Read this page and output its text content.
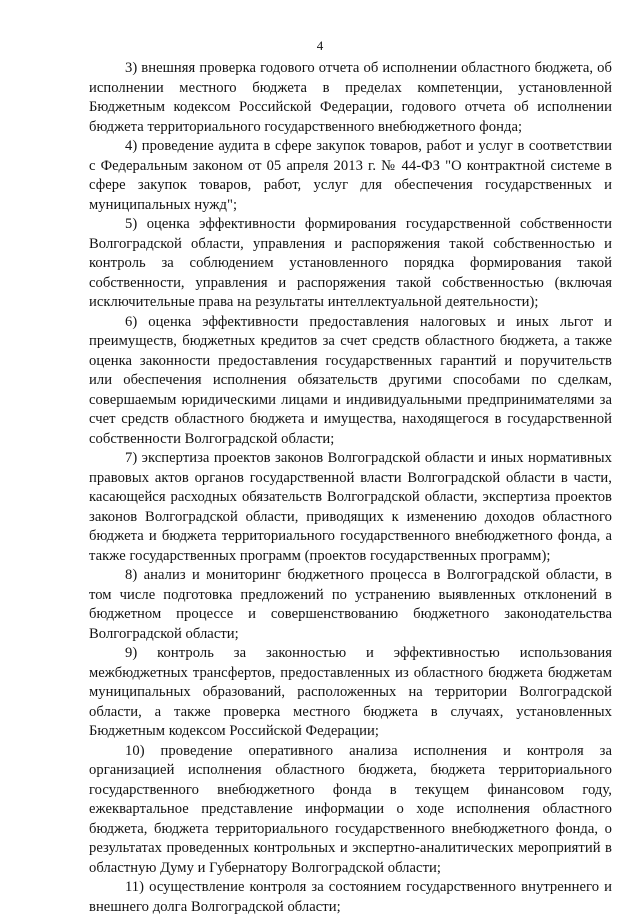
4

3) внешняя проверка годового отчета об исполнении областного бюджета, об исполнении местного бюджета в пределах компетенции, установленной Бюджетным кодексом Российской Федерации, годового отчета об исполнении бюджета территориального государственного внебюджетного фонда;

4) проведение аудита в сфере закупок товаров, работ и услуг в соответствии с Федеральным законом от 05 апреля 2013 г. № 44-ФЗ "О контрактной системе в сфере закупок товаров, работ, услуг для обеспечения государственных и муниципальных нужд";

5) оценка эффективности формирования государственной собственности Волгоградской области, управления и распоряжения такой собственностью и контроль за соблюдением установленного порядка формирования такой собственности, управления и распоряжения такой собственностью (включая исключительные права на результаты интеллектуальной деятельности);

6) оценка эффективности предоставления налоговых и иных льгот и преимуществ, бюджетных кредитов за счет средств областного бюджета, а также оценка законности предоставления государственных гарантий и поручительств или обеспечения исполнения обязательств другими способами по сделкам, совершаемым юридическими лицами и индивидуальными предпринимателями за счет средств областного бюджета и имущества, находящегося в государственной собственности Волгоградской области;

7) экспертиза проектов законов Волгоградской области и иных нормативных правовых актов органов государственной власти Волгоградской области в части, касающейся расходных обязательств Волгоградской области, экспертиза проектов законов Волгоградской области, приводящих к изменению доходов областного бюджета и бюджета территориального государственного внебюджетного фонда, а также государственных программ (проектов государственных программ);

8) анализ и мониторинг бюджетного процесса в Волгоградской области, в том числе подготовка предложений по устранению выявленных отклонений в бюджетном процессе и совершенствованию бюджетного законодательства Волгоградской области;

9) контроль за законностью и эффективностью использования межбюджетных трансфертов, предоставленных из областного бюджета бюджетам муниципальных образований, расположенных на территории Волгоградской области, а также проверка местного бюджета в случаях, установленных Бюджетным кодексом Российской Федерации;

10) проведение оперативного анализа исполнения и контроля за организацией исполнения областного бюджета, бюджета территориального государственного внебюджетного фонда в текущем финансовом году, ежеквартальное представление информации о ходе исполнения областного бюджета, бюджета территориального государственного внебюджетного фонда, о результатах проведенных контрольных и экспертно-аналитических мероприятий в областную Думу и Губернатору Волгоградской области;

11) осуществление контроля за состоянием государственного внутреннего и внешнего долга Волгоградской области;
